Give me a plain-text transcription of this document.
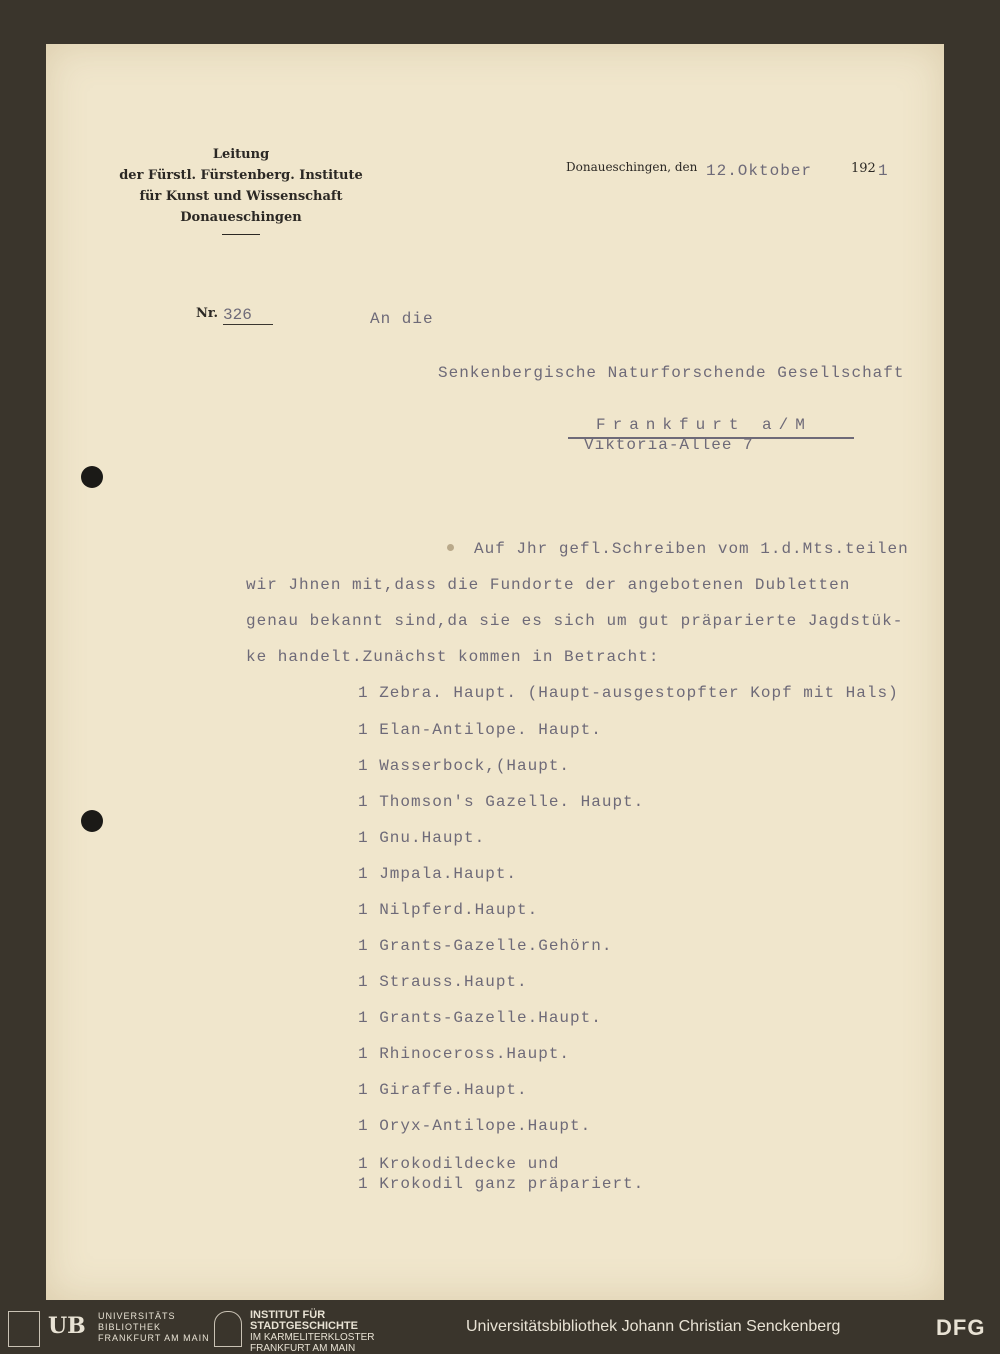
Leitung
der Fürstl. Fürstenberg. Institute
für Kunst und Wissenschaft
Donaueschingen
Donaueschingen, den 12.Oktober	192 1
Nr. 326	An die
Senkenbergische Naturforschende Gesellschaft
Frankfurt a/M
Viktoria-Allee 7
Auf Jhr gefl.Schreiben vom 1.d.Mts.teilen
wir Jhnen mit,dass die Fundorte der angebotenen Dubletten
genau bekannt sind,da sie es sich um gut präparierte Jagdstük-
ke handelt.Zunächst kommen in Betracht:
1 Zebra. Haupt. (Haupt-ausgestopfter Kopf mit Hals)
1 Elan-Antilope. Haupt.
1 Wasserbock,(Haupt.
1 Thomson's Gazelle. Haupt.
1 Gnu.Haupt.
1 Jmpala.Haupt.
1 Nilpferd.Haupt.
1 Grants-Gazelle.Gehörn.
1 Strauss.Haupt.
1 Grants-Gazelle.Haupt.
1 Rhinoceross.Haupt.
1 Giraffe.Haupt.
1 Oryx-Antilope.Haupt.
1 Krokodildecke und
1 Krokodil ganz präpariert.
UB UNIVERSITÄTS
BIBLIOTHEK
FRANKFURT AM MAIN
INSTITUT FÜR
STADTGESCHICHTE
IM KARMELITERKLOSTER
FRANKFURT AM MAIN
Universitätsbibliothek Johann Christian Senckenberg	DFG
